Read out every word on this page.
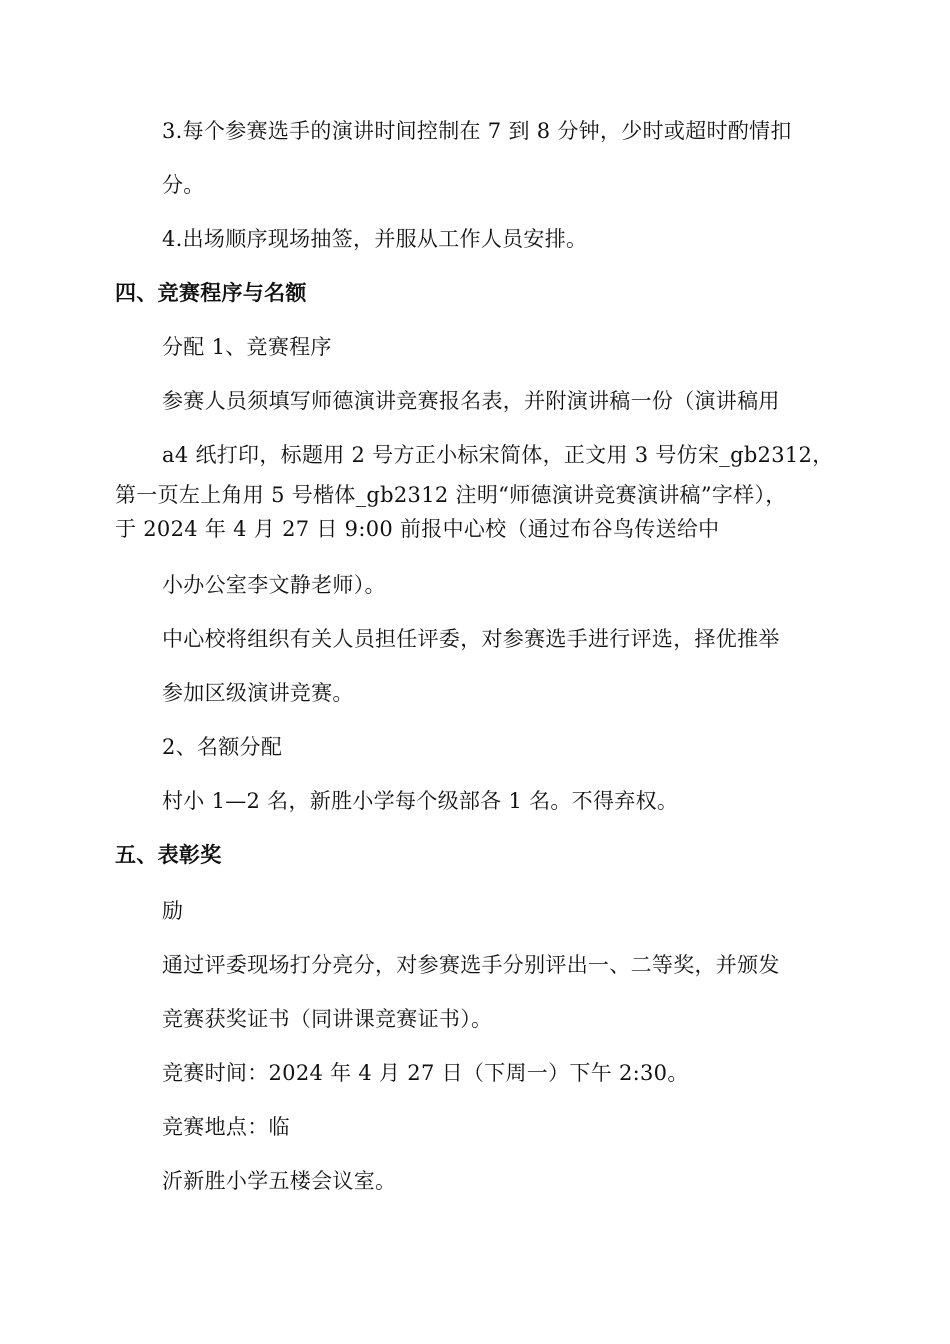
3.每个参赛选手的演讲时间控制在 7 到 8 分钟，少时或超时酌情扣
分。
4.出场顺序现场抽签，并服从工作人员安排。
四、竞赛程序与名额
分配 1、竞赛程序
参赛人员须填写师德演讲竞赛报名表，并附演讲稿一份（演讲稿用
a4 纸打印，标题用 2 号方正小标宋简体，正文用 3 号仿宋_gb2312，
第一页左上角用 5 号楷体_gb2312 注明“师德演讲竞赛演讲稿”字样），
于 2024 年 4 月 27 日 9:00 前报中心校（通过布谷鸟传送给中
小办公室李文静老师）。
中心校将组织有关人员担任评委，对参赛选手进行评选，择优推举
参加区级演讲竞赛。
2、名额分配
村小 1—2 名，新胜小学每个级部各 1 名。不得弃权。
五、表彰奖
励
通过评委现场打分亮分，对参赛选手分别评出一、二等奖，并颁发
竞赛获奖证书（同讲课竞赛证书）。
竞赛时间：2024 年 4 月 27 日（下周一）下午 2:30。
竞赛地点：临
沂新胜小学五楼会议室。
